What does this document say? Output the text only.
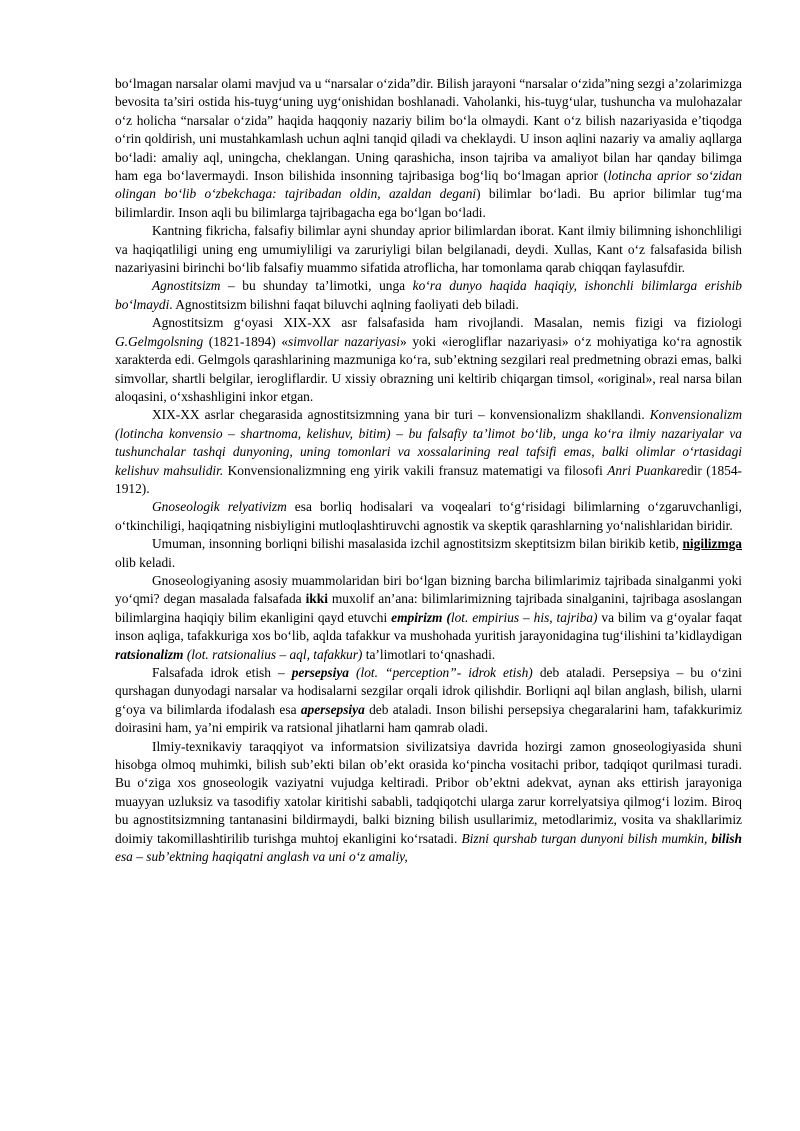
bo‘lmagan narsalar olami mavjud va u “narsalar o‘zida”dir. Bilish jarayoni “narsalar o‘zida”ning sezgi a’zolarimizga bevosita ta’siri ostida his-tuyg‘uning uyg‘onishidan boshlanadi. Vaholanki, his-tuyg‘ular, tushuncha va mulohazalar o‘z holicha “narsalar o‘zida” haqida haqqoniy nazariy bilim bo‘la olmaydi. Kant o‘z bilish nazariyasida e’tiqodga o‘rin qoldirish, uni mustahkamlash uchun aqlni tanqid qiladi va cheklaydi. U inson aqlini nazariy va amaliy aqllarga bo‘ladi: amaliy aql, uningcha, cheklangan. Uning qarashicha, inson tajriba va amaliyot bilan har qanday bilimga ham ega bo‘lavermaydi. Inson bilishida insonning tajribasiga bog‘liq bo‘lmagan aprior (lotincha aprior so‘zidan olingan bo‘lib o‘zbekchaga: tajribadan oldin, azaldan degani) bilimlar bo‘ladi. Bu aprior bilimlar tug‘ma bilimlardir. Inson aqli bu bilimlarga tajribagacha ega bo‘lgan bo‘ladi.

Kantning fikricha, falsafiy bilimlar ayni shunday aprior bilimlardan iborat. Kant ilmiy bilimning ishonchliligi va haqiqatliligi uning eng umumiyliligi va zaruriyligi bilan belgilanadi, deydi. Xullas, Kant o‘z falsafasida bilish nazariyasini birinchi bo‘lib falsafiy muammo sifatida atroflicha, har tomonlama qarab chiqqan faylasufdir.

Agnostitsizm – bu shunday ta’limotki, unga ko‘ra dunyo haqida haqiqiy, ishonchli bilimlarga erishib bo‘lmaydi. Agnostitsizm bilishni faqat biluvchi aqlning faoliyati deb biladi.

Agnostitsizm g‘oyasi XIX-XX asr falsafasida ham rivojlandi. Masalan, nemis fizigi va fiziologi G.Gelmgolsning (1821-1894) «simvollar nazariyasi» yoki «ierogliflar nazariyasi» o‘z mohiyatiga ko‘ra agnostik xarakterda edi. Gelmgols qarashlarining mazmuniga ko‘ra, sub’ektning sezgilari real predmetning obrazi emas, balki simvollar, shartli belgilar, ierogliflardir. U xissiy obrazning uni keltirib chiqargan timsol, «original», real narsa bilan aloqasini, o‘xshashligini inkor etgan.

XIX-XX asrlar chegarasida agnostitsizmning yana bir turi – konvensionalizm shakllandi. Konvensionalizm (lotincha konvensio – shartnoma, kelishuv, bitim) – bu falsafiy ta’limot bo‘lib, unga ko‘ra ilmiy nazariyalar va tushunchalar tashqi dunyoning, uning tomonlari va xossalarining real tafsifi emas, balki olimlar o‘rtasidagi kelishuv mahsulidir. Konvensionalizmning eng yirik vakili fransuz matematigi va filosofi Anri Puankaredir (1854-1912).

Gnoseologik relyativizm esa borliq hodisalari va voqealari to‘g‘risidagi bilimlarning o‘zgaruvchanligi, o‘tkinchiligi, haqiqatning nisbiyligini mutloqlashtiruvchi agnostik va skeptik qarashlarning yo‘nalishlaridan biridir.

Umuman, insonning borliqni bilishi masalasida izchil agnostitsizm skeptitsizm bilan birikib ketib, nigilizmga olib keladi.

Gnoseologiyaning asosiy muammolaridan biri bo‘lgan bizning barcha bilimlarimiz tajribada sinalganmi yoki yo‘qmi? degan masalada falsafada ikki muxolif an’ana: bilimlarimizning tajribada sinalganini, tajribaga asoslangan bilimlargina haqiqiy bilim ekanligini qayd etuvchi empirizm (lot. empirius – his, tajriba) va bilim va g‘oyalar faqat inson aqliga, tafakkuriga xos bo‘lib, aqlda tafakkur va mushohada yuritish jarayonidagina tug‘ilishini ta’kidlaydigan ratsionalizm (lot. ratsionalius – aql, tafakkur) ta’limotlari to‘qnashadi.

Falsafada idrok etish – persepsiya (lot. “perception”- idrok etish) deb ataladi. Persepsiya – bu o‘zini qurshagan dunyodagi narsalar va hodisalarni sezgilar orqali idrok qilishdir. Borliqni aql bilan anglash, bilish, ularni g‘oya va bilimlarda ifodalash esa apersepsiya deb ataladi. Inson bilishi persepsiya chegaralarini ham, tafakkurimiz doirasini ham, ya’ni empirik va ratsional jihatlarni ham qamrab oladi.

Ilmiy-texnikaviy taraqqiyot va informatsion sivilizatsiya davrida hozirgi zamon gnoseologiyasida shuni hisobga olmoq muhimki, bilish sub’ekti bilan ob’ekt orasida ko‘pincha vositachi pribor, tadqiqot qurilmasi turadi. Bu o‘ziga xos gnoseologik vaziyatni vujudga keltiradi. Pribor ob’ektni adekvat, aynan aks ettirish jarayoniga muayyan uzluksiz va tasodifiy xatolar kiritishi sababli, tadqiqotchi ularga zarur korrelyatsiya qilmog‘i lozim. Biroq bu agnostitsizmning tantanasini bildirmaydi, balki bizning bilish usullarimiz, metodlarimiz, vosita va shakllarimiz doimiy takomillashtirilib turishga muhtoj ekanligini ko‘rsatadi. Bizni qurshab turgan dunyoni bilish mumkin, bilish esa – sub’ektning haqiqatni anglash va uni o‘z amaliy,
